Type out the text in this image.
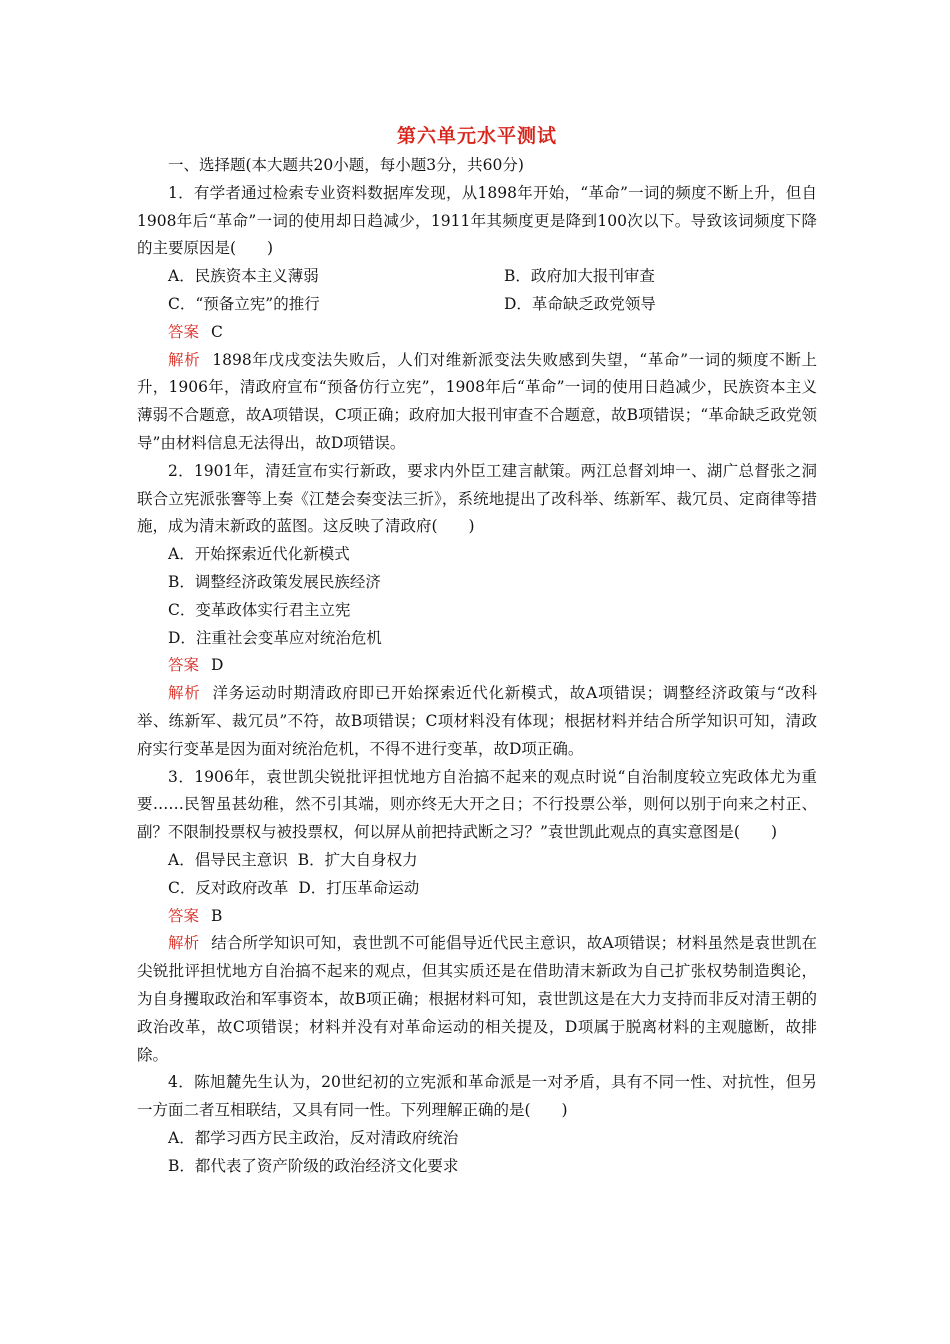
第六单元水平测试

一、选择题(本大题共20小题，每小题3分，共60分)

1．有学者通过检索专业资料数据库发现，从1898年开始，“革命”一词的频度不断上升，但自1908年后“革命”一词的使用却日趋减少，1911年其频度更是降到100次以下。导致该词频度下降的主要原因是(　　)

A．民族资本主义薄弱	B．政府加大报刊审查
C．“预备立宪”的推行	D．革命缺乏政党领导

答案 C

解析 1898年戊戌变法失败后，人们对维新派变法失败感到失望，“革命”一词的频度不断上升，1906年，清政府宣布“预备仿行立宪”，1908年后“革命”一词的使用日趋减少，民族资本主义薄弱不合题意，故A项错误，C项正确；政府加大报刊审查不合题意，故B项错误；“革命缺乏政党领导”由材料信息无法得出，故D项错误。

2．1901年，清廷宣布实行新政，要求内外臣工建言献策。两江总督刘坤一、湖广总督张之洞联合立宪派张謇等上奏《江楚会奏变法三折》，系统地提出了改科举、练新军、裁冗员、定商律等措施，成为清末新政的蓝图。这反映了清政府(　　)

A．开始探索近代化新模式

B．调整经济政策发展民族经济

C．变革政体实行君主立宪

D．注重社会变革应对统治危机

答案 D

解析 洋务运动时期清政府即已开始探索近代化新模式，故A项错误；调整经济政策与“改科举、练新军、裁冗员”不符，故B项错误；C项材料没有体现；根据材料并结合所学知识可知，清政府实行变革是因为面对统治危机，不得不进行变革，故D项正确。

3．1906年，袁世凯尖锐批评担忧地方自治搞不起来的观点时说“自治制度较立宪政体尤为重要……民智虽甚幼稚，然不引其端，则亦终无大开之日；不行投票公举，则何以别于向来之村正、副？不限制投票权与被投票权，何以屏从前把持武断之习？”袁世凯此观点的真实意图是(　　)

A．倡导民主意识 B．扩大自身权力

C．反对政府改革 D．打压革命运动

答案 B

解析 结合所学知识可知，袁世凯不可能倡导近代民主意识，故A项错误；材料虽然是袁世凯在尖锐批评担忧地方自治搞不起来的观点，但其实质还是在借助清末新政为自己扩张权势制造舆论，为自身攫取政治和军事资本，故B项正确；根据材料可知，袁世凯这是在大力支持而非反对清王朝的政治改革，故C项错误；材料并没有对革命运动的相关提及，D项属于脱离材料的主观臆断，故排除。

4．陈旭麓先生认为，20世纪初的立宪派和革命派是一对矛盾，具有不同一性、对抗性，但另一方面二者互相联结，又具有同一性。下列理解正确的是(　　)

A．都学习西方民主政治，反对清政府统治

B．都代表了资产阶级的政治经济文化要求
